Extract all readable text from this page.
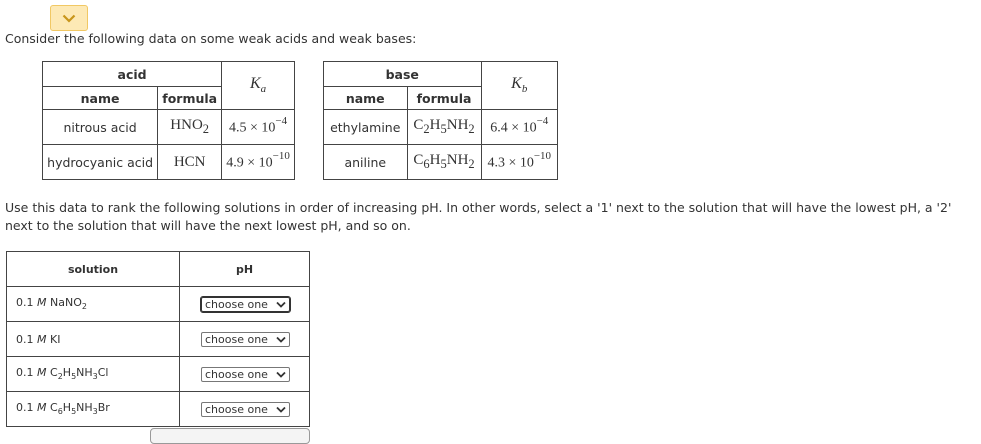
Consider the following data on some weak acids and weak bases:

acid		$K_a$
name	formula	
nitrous acid	$HNO_2$	$4.5 \times 10^{-4}$
hydrocyanic acid	HCN	$4.9 \times 10^{-10}$
base		$K_b$
name	formula	
ethylamine	$C_2H_5NH_2$	$6.4 \times 10^{-4}$
aniline	$C_6H_5NH_2$	$4.3 \times 10^{-10}$

Use this data to rank the following solutions in order of increasing pH. In other words, select a '1' next to the solution that will have the lowest pH, a '2' next to the solution that will have the next lowest pH, and so on.

solution	pH
0.1 M NaNO$_2$	choose one

0.1 M KI	choose one

0.1 M $C_2H_5NH_3Cl$	choose one

0.1 M $C_6H_5NH_3Br$	choose one
